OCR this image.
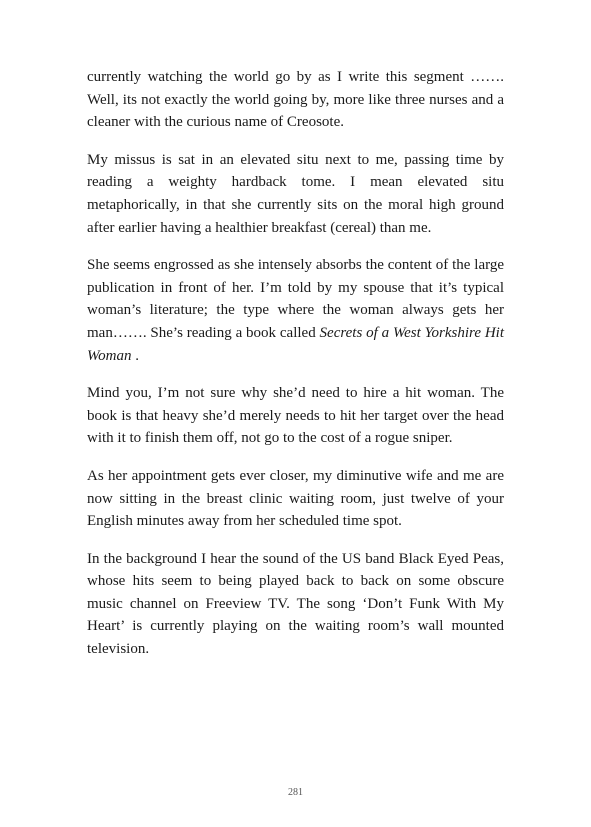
currently watching the world go by as I write this segment ……. Well, its not exactly the world going by, more like three nurses and a cleaner with the curious name of Creosote.

My missus is sat in an elevated situ next to me, passing time by reading a weighty hardback tome. I mean elevated situ metaphorically, in that she currently sits on the moral high ground after earlier having a healthier breakfast (cereal) than me.

She seems engrossed as she intensely absorbs the content of the large publication in front of her. I’m told by my spouse that it’s typical woman’s literature; the type where the woman always gets her man……. She’s reading a book called Secrets of a West Yorkshire Hit Woman .

Mind you, I’m not sure why she’d need to hire a hit woman. The book is that heavy she’d merely needs to hit her target over the head with it to finish them off, not go to the cost of a rogue sniper.

As her appointment gets ever closer, my diminutive wife and me are now sitting in the breast clinic waiting room, just twelve of your English minutes away from her scheduled time spot.

In the background I hear the sound of the US band Black Eyed Peas, whose hits seem to being played back to back on some obscure music channel on Freeview TV. The song ‘Don’t Funk With My Heart’ is currently playing on the waiting room’s wall mounted television.

281
